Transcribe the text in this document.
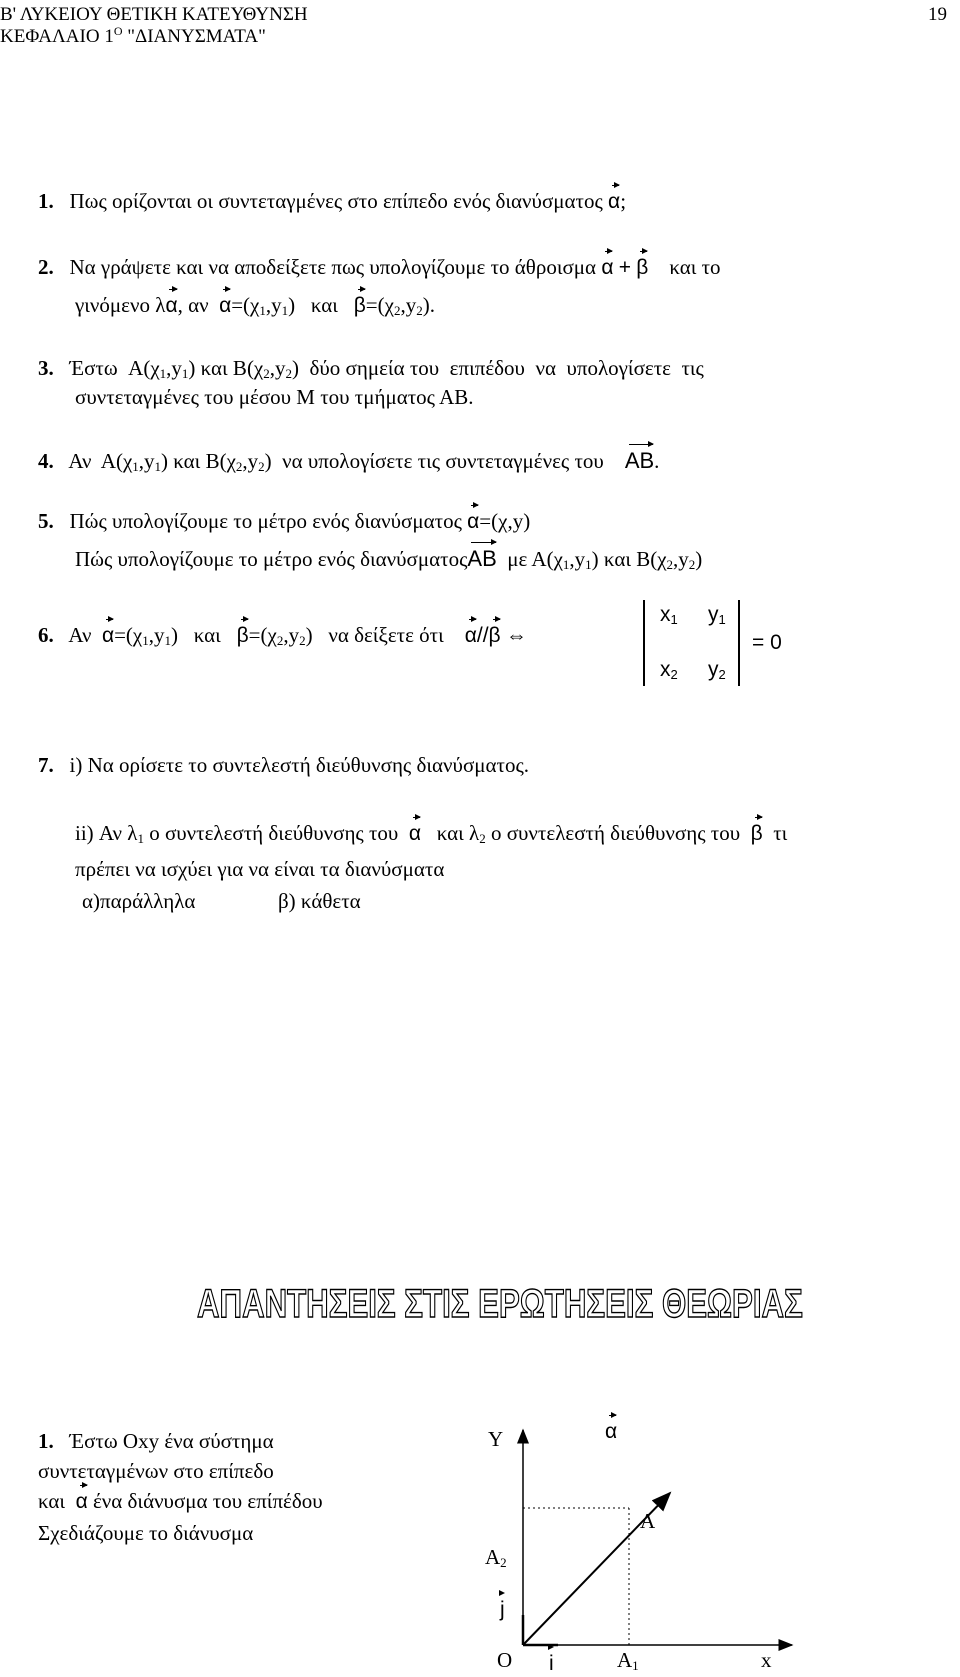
Β' ΛΥΚΕΙΟΥ ΘΕΤΙΚΗ ΚΑΤΕΥΘΥΝΣΗ
ΚΕΦΑΛΑΙΟ $1^O$ "ΔΙΑΝΥΣΜΑΤΑ"
19
1. Πως ορίζονται οι συντεταγμένες στο επίπεδο ενός διανύσματος α;
2. Να γράψετε και να αποδείξετε πως υπολογίζουμε το άθροισμα α + β και το
γινόμενο λα, αν $\alpha=(\chi_1,y_1)$   και $\beta=(\chi_2,y_2)$.
3. Έστω  $A(\chi_1,y_1)$ και $B(\chi_2,y_2)$  δύο σημεία του  επιπέδου  να  υπολογίσετε  τις
συντεταγμένες του μέσου Μ του τμήματος ΑΒ.
4. Αν  $A(\chi_1,y_1)$ και $B(\chi_2,y_2)$  να υπολογίσετε τις συντεταγμένες του ΑΒ.
5. Πώς υπολογίζουμε το μέτρο ενός διανύσματος α=(χ,y)
Πώς υπολογίζουμε το μέτρο ενός διανύσματοςΑΒ με $A(\chi_1,y_1)$ και $B(\chi_2,y_2)$
6. Αν $\alpha=(\chi_1,y_1)$   και $\beta=(\chi_2,y_2)$   να δείξετε ότι α//β ⇔
$x_1$ $y_1$
$x_2$ $y_2$
= 0
7. i) Να ορίσετε το συντελεστή διεύθυνσης διανύσματος.
ii) Αν $\lambda_1$ ο συντελεστή διεύθυνσης του α και $\lambda_2$ ο συντελεστή διεύθυνσης του β τι
πρέπει να ισχύει για να είναι τα διανύσματα
α)παράλληλα	β) κάθετα
ΑΠΑΝΤΗΣΕΙΣ ΣΤΙΣ ΕΡΩΤΗΣΕΙΣ ΘΕΩΡΙΑΣ
1. Έστω Οxy ένα σύστημα
συντεταγμένων στο επίπεδο
και α ένα διάνυσμα του επίπέδου
Σχεδιάζουμε το διάνυσμα
Y	α
A
$A_2$
j
O i	$A_1$	x
